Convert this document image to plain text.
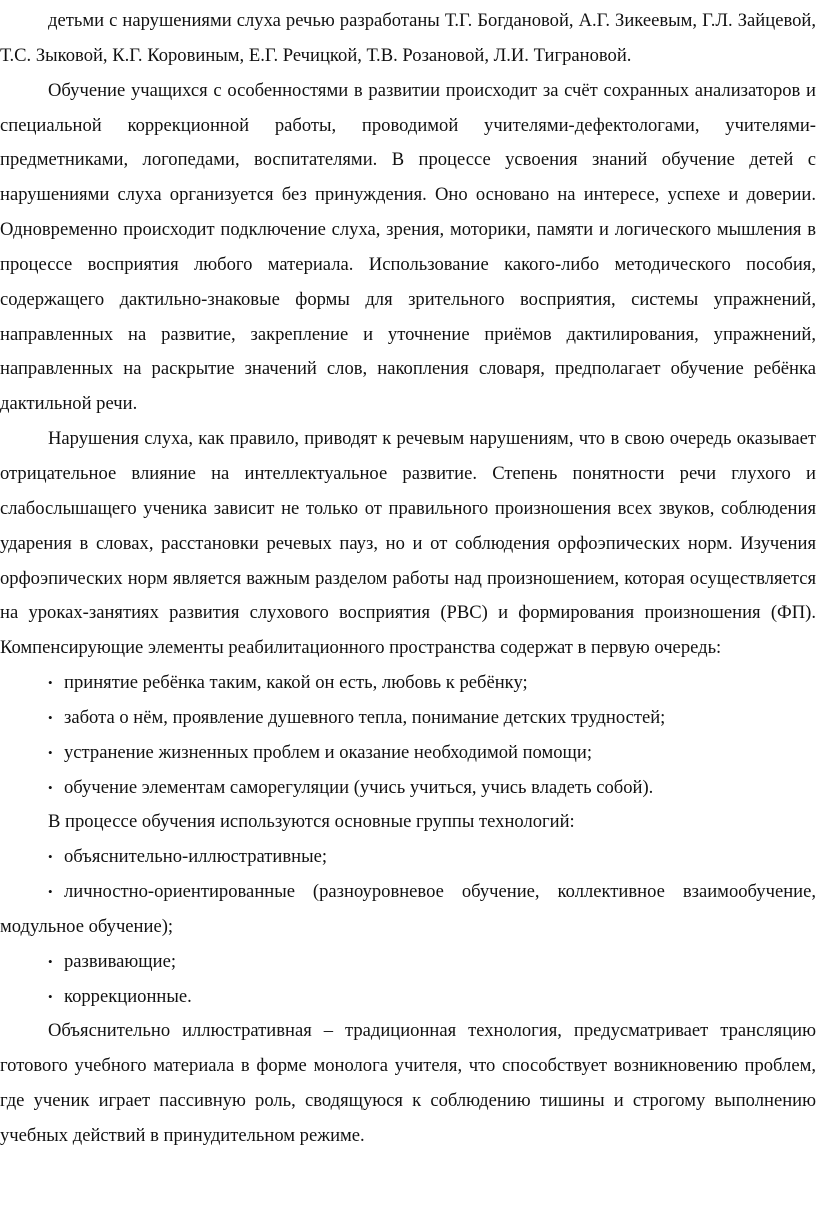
детьми с нарушениями слуха речью разработаны Т.Г. Богдановой, А.Г. Зикеевым, Г.Л. Зайцевой, Т.С. Зыковой, К.Г. Коровиным, Е.Г. Речицкой, Т.В. Розановой, Л.И. Тиграновой.

Обучение учащихся с особенностями в развитии происходит за счёт сохранных анализаторов и специальной коррекционной работы, проводимой учителями-дефектологами, учителями-предметниками, логопедами, воспитателями. В процессе усвоения знаний обучение детей с нарушениями слуха организуется без принуждения. Оно основано на интересе, успехе и доверии. Одновременно происходит подключение слуха, зрения, моторики, памяти и логического мышления в процессе восприятия любого материала. Использование какого-либо методического пособия, содержащего дактильно-знаковые формы для зрительного восприятия, системы упражнений, направленных на развитие, закрепление и уточнение приёмов дактилирования, упражнений, направленных на раскрытие значений слов, накопления словаря, предполагает обучение ребёнка дактильной речи.

Нарушения слуха, как правило, приводят к речевым нарушениям, что в свою очередь оказывает отрицательное влияние на интеллектуальное развитие. Степень понятности речи глухого и слабослышащего ученика зависит не только от правильного произношения всех звуков, соблюдения ударения в словах, расстановки речевых пауз, но и от соблюдения орфоэпических норм. Изучения орфоэпических норм является важным разделом работы над произношением, которая осуществляется на уроках-занятиях развития слухового восприятия (РВС) и формирования произношения (ФП). Компенсирующие элементы реабилитационного пространства содержат в первую очередь:

• принятие ребёнка таким, какой он есть, любовь к ребёнку;

• забота о нём, проявление душевного тепла, понимание детских трудностей;

• устранение жизненных проблем и оказание необходимой помощи;

• обучение элементам саморегуляции (учись учиться, учись владеть собой).

В процессе обучения используются основные группы технологий:

• объяснительно-иллюстративные;

• личностно-ориентированные (разноуровневое обучение, коллективное взаимообучение, модульное обучение);

• развивающие;

• коррекционные.

Объяснительно иллюстративная – традиционная технология, предусматривает трансляцию готового учебного материала в форме монолога учителя, что способствует возникновению проблем, где ученик играет пассивную роль, сводящуюся к соблюдению тишины и строгому выполнению учебных действий в принудительном режиме.
